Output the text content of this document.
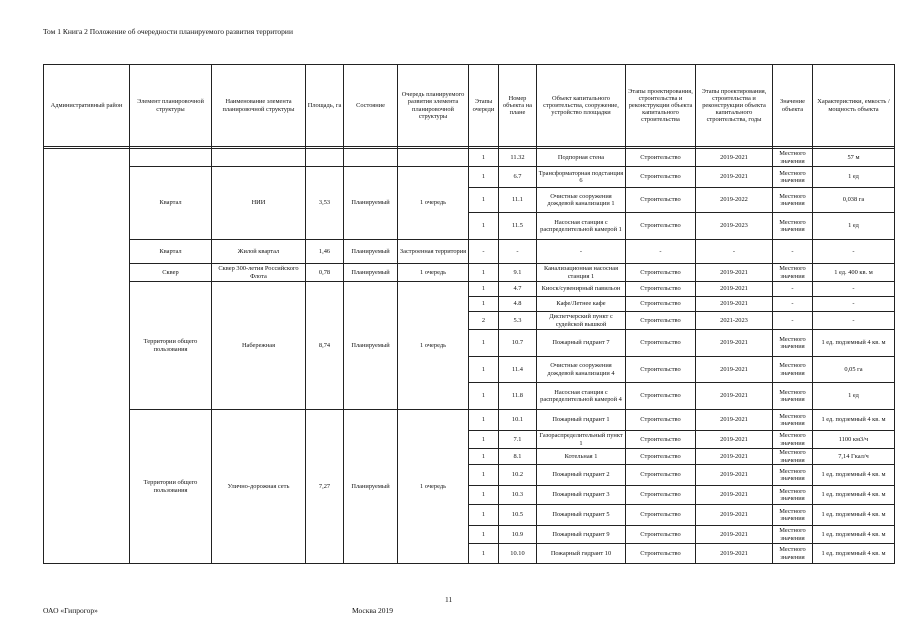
Том 1 Книга 2 Положение об очередности планируемого развития территории
Административный район	Элемент планировочной структуры	Наименование элемента планировочной структуры	Площадь, га	Состояние	Очередь планируемого развития элемента планировочной структуры	Этапы очереди	Номер объекта на плане	Объект капитального строительства, сооружение, устройство площадки	Этапы проектирования, строительства и реконструкции объекта капитального строительства	Этапы проектирования, строительства и реконструкции объекта капитального строительства, годы	Значение объекта	Характеристики, емкость / мощность объекта

						1	11.32	Подпорная стена	Строительство	2019-2021	Местного значения	57 м
	Квартал	НИИ	3,53	Планируемый	1 очередь	1	6.7	Трансформаторная подстанция 6	Строительство	2019-2021	Местного значения	1 ед
						1	11.1	Очистные сооружения дождевой канализации 1	Строительство	2019-2022	Местного значения	0,038 га
						1	11.5	Насосная станция с распределительной камерой 1	Строительство	2019-2023	Местного значения	1 ед
	Квартал	Жилой квартал	1,46	Планируемый	Застроенная территория	-	-	-	-	-	-	-
	Сквер	Сквер 300-летия Российского Флота	0,78	Планируемый	1 очередь	1	9.1	Канализационная насосная станция 1	Строительство	2019-2021	Местного значения	1 ед. 400 кв. м
	Территории общего пользования	Набережная	8,74	Планируемый	1 очередь	1	4.7	Киоск/сувенирный павильон	Строительство	2019-2021	-	-
						1	4.8	Кафе/Летнее кафе	Строительство	2019-2021	-	-
						2	5.3	Диспетчерский пункт с судейской вышкой	Строительство	2021-2023	-	-
						1	10.7	Пожарный гидрант 7	Строительство	2019-2021	Местного значения	1 ед. подземный 4 кв. м
						1	11.4	Очистные сооружения дождевой канализации 4	Строительство	2019-2021	Местного значения	0,05 га
						1	11.8	Насосная станция с распределительной камерой 4	Строительство	2019-2021	Местного значения	1 ед
	Территории общего пользования	Улично-дорожная сеть	7,27	Планируемый	1 очередь	1	10.1	Пожарный гидрант 1	Строительство	2019-2021	Местного значения	1 ед. подземный 4 кв. м
						1	7.1	Газораспределительный пункт 1	Строительство	2019-2021	Местного значения	1100 км3/ч
						1	8.1	Котельная 1	Строительство	2019-2021	Местного значения	7,14 Гкал/ч
						1	10.2	Пожарный гидрант 2	Строительство	2019-2021	Местного значения	1 ед. подземный 4 кв. м
						1	10.3	Пожарный гидрант 3	Строительство	2019-2021	Местного значения	1 ед. подземный 4 кв. м
						1	10.5	Пожарный гидрант 5	Строительство	2019-2021	Местного значения	1 ед. подземный 4 кв. м
						1	10.9	Пожарный гидрант 9	Строительство	2019-2021	Местного значения	1 ед. подземный 4 кв. м
						1	10.10	Пожарный гидрант 10	Строительство	2019-2021	Местного значения	1 ед. подземный 4 кв. м
11
ОАО «Гипрогор»	Москва 2019
